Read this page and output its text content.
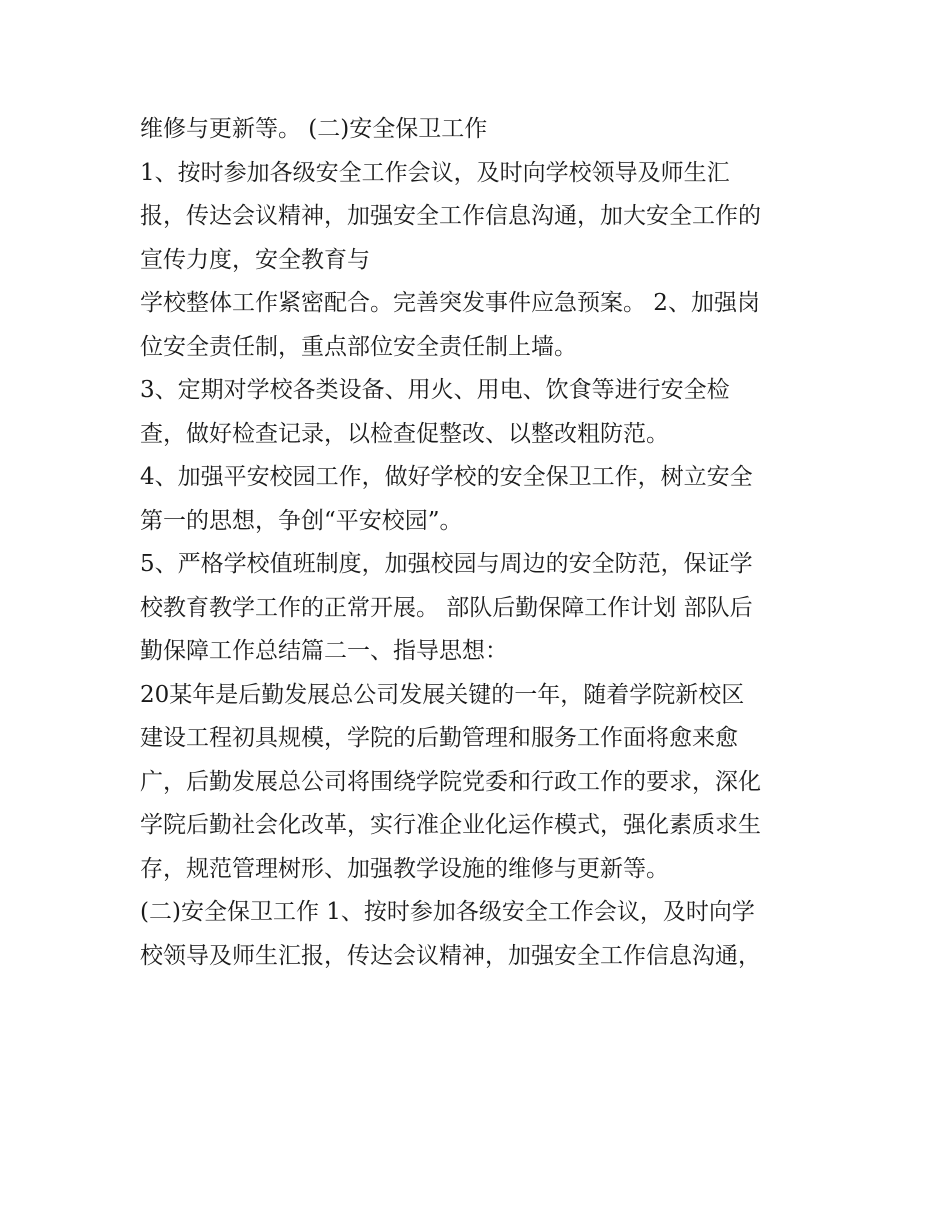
维修与更新等。 (二)安全保卫工作
1、按时参加各级安全工作会议，及时向学校领导及师生汇
报，传达会议精神，加强安全工作信息沟通，加大安全工作的
宣传力度，安全教育与
学校整体工作紧密配合。完善突发事件应急预案。 2、加强岗
位安全责任制，重点部位安全责任制上墙。
3、定期对学校各类设备、用火、用电、饮食等进行安全检
查，做好检查记录，以检查促整改、以整改粗防范。
4、加强平安校园工作，做好学校的安全保卫工作，树立安全
第一的思想，争创“平安校园”。
5、严格学校值班制度，加强校园与周边的安全防范，保证学
校教育教学工作的正常开展。 部队后勤保障工作计划 部队后
勤保障工作总结篇二一、指导思想：
20某年是后勤发展总公司发展关键的一年，随着学院新校区
建设工程初具规模，学院的后勤管理和服务工作面将愈来愈
广，后勤发展总公司将围绕学院党委和行政工作的要求，深化
学院后勤社会化改革，实行准企业化运作模式，强化素质求生
存，规范管理树形、加强教学设施的维修与更新等。
(二)安全保卫工作 1、按时参加各级安全工作会议，及时向学
校领导及师生汇报，传达会议精神，加强安全工作信息沟通，
